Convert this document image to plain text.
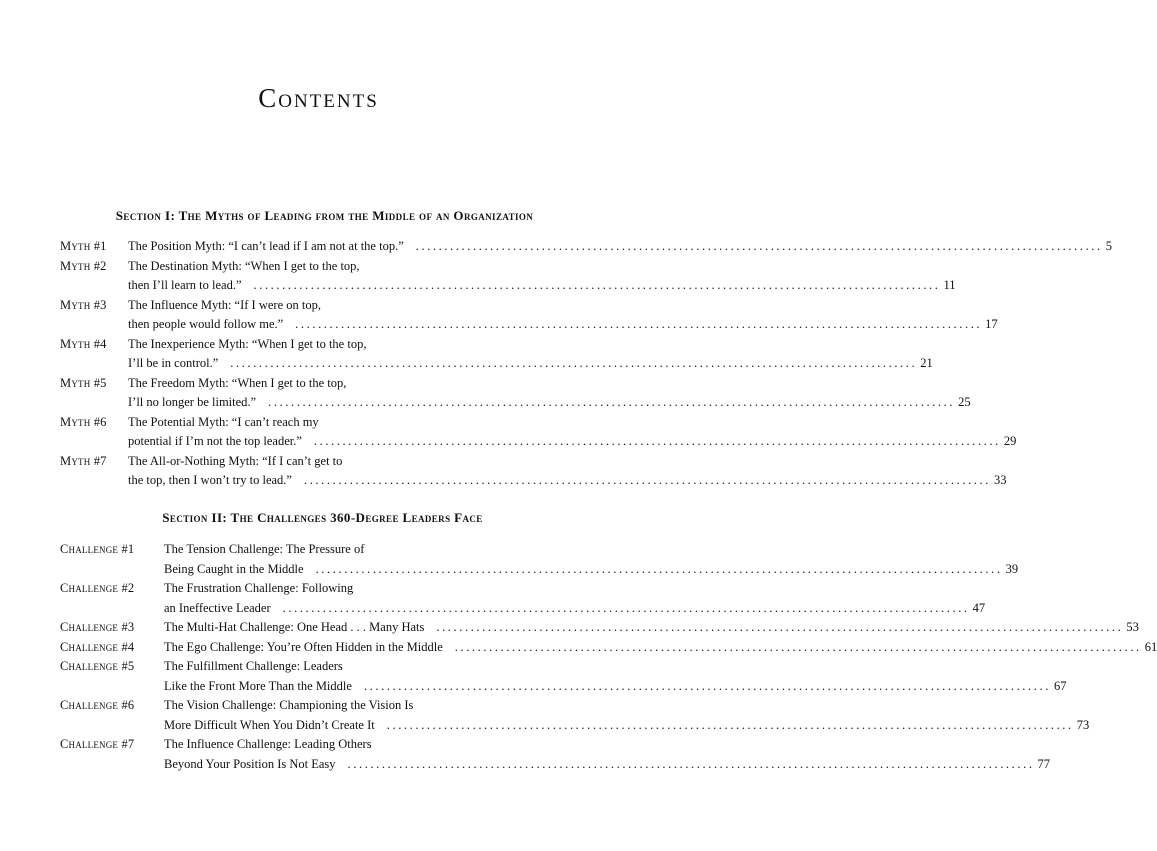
Contents
Section I: The Myths of Leading from the Middle of an Organization
Myth #1 The Position Myth: “I can’t lead if I am not at the top.” ........................................................................................................................ 5
Myth #2 The Destination Myth: “When I get to the top,
then I’ll learn to lead.” ........................................................................................................................ 11
Myth #3 The Influence Myth: “If I were on top,
then people would follow me.” ........................................................................................................................ 17
Myth #4 The Inexperience Myth: “When I get to the top,
I’ll be in control.” ........................................................................................................................ 21
Myth #5 The Freedom Myth: “When I get to the top,
I’ll no longer be limited.” ........................................................................................................................ 25
Myth #6 The Potential Myth: “I can’t reach my
potential if I’m not the top leader.” ........................................................................................................................ 29
Myth #7 The All-or-Nothing Myth: “If I can’t get to
the top, then I won’t try to lead.” ........................................................................................................................ 33
Section II: The Challenges 360-Degree Leaders Face
Challenge #1 The Tension Challenge: The Pressure of
Being Caught in the Middle ........................................................................................................................ 39
Challenge #2 The Frustration Challenge: Following
an Ineffective Leader ........................................................................................................................ 47
Challenge #3 The Multi-Hat Challenge: One Head . . . Many Hats ........................................................................................................................ 53
Challenge #4 The Ego Challenge: You’re Often Hidden in the Middle ........................................................................................................................ 61
Challenge #5 The Fulfillment Challenge: Leaders
Like the Front More Than the Middle ........................................................................................................................ 67
Challenge #6 The Vision Challenge: Championing the Vision Is
More Difficult When You Didn’t Create It ........................................................................................................................ 73
Challenge #7 The Influence Challenge: Leading Others
Beyond Your Position Is Not Easy ........................................................................................................................ 77
